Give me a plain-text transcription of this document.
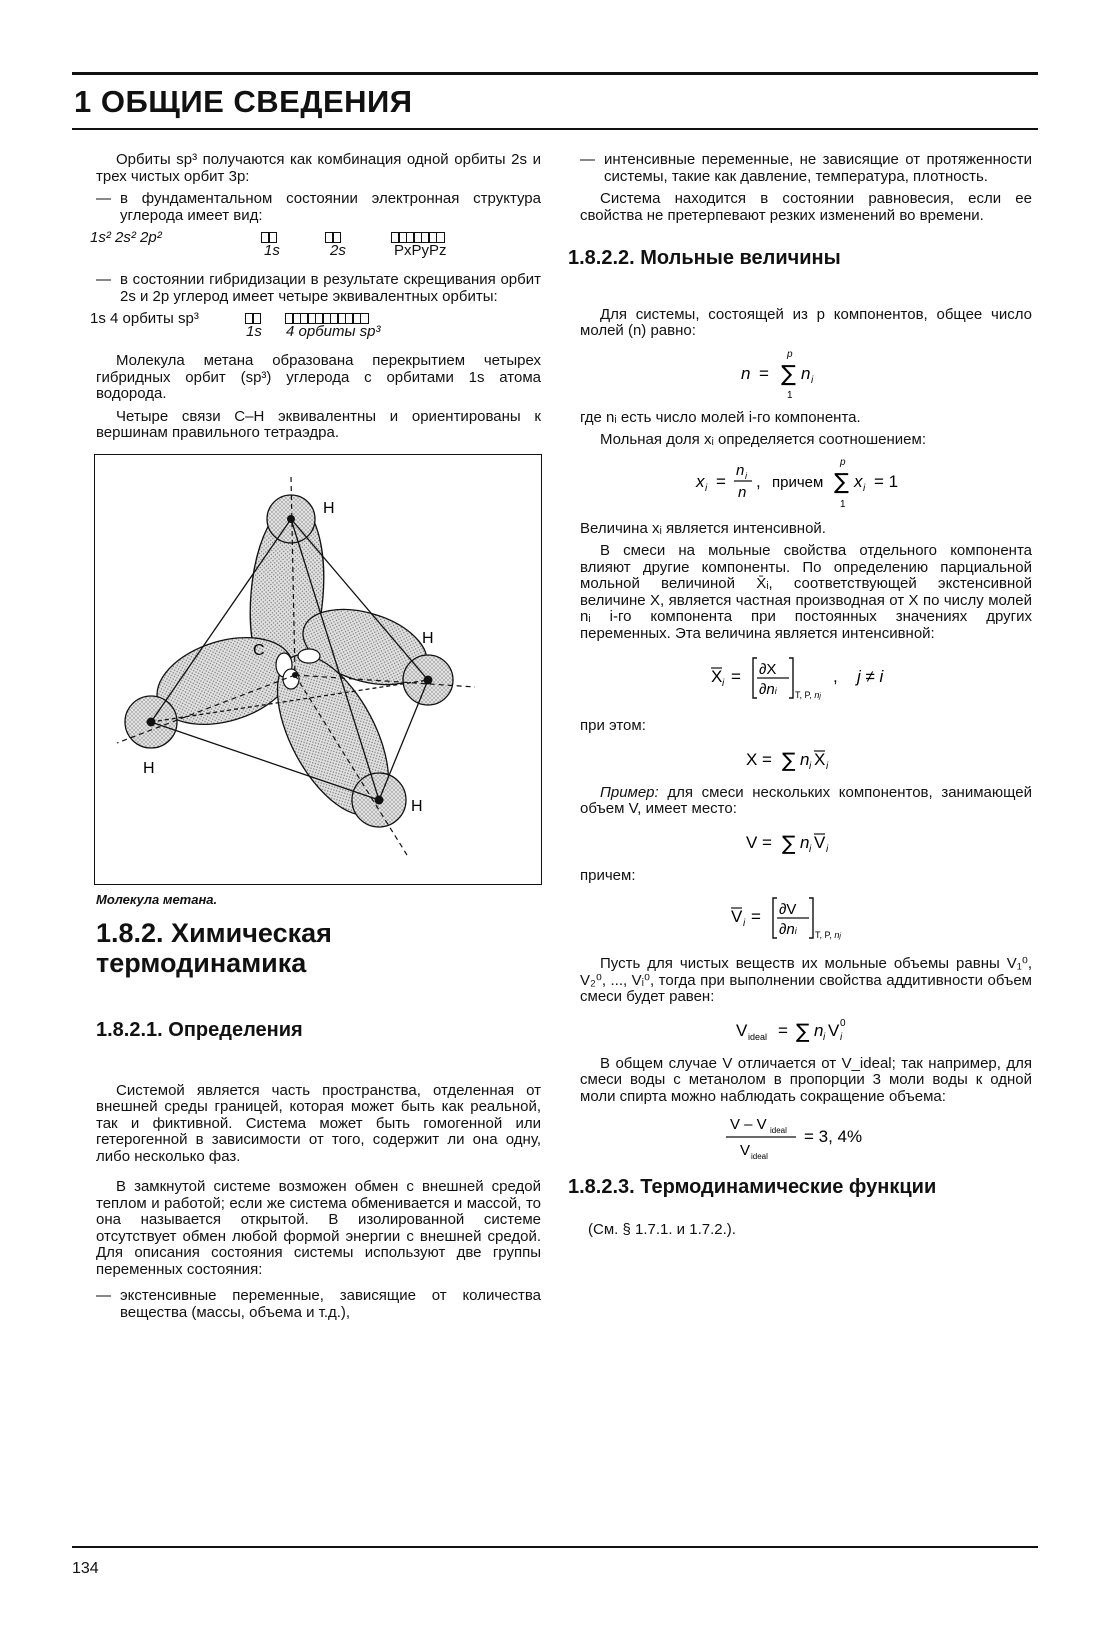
1 ОБЩИЕ СВЕДЕНИЯ

Орбиты sp³ получаются как комбинация одной орбиты 2s и трех чистых орбит 3p:

— в фундаментальном состоянии электронная структура углерода имеет вид:
1s² 2s² 2p²
1s	2s	PxPyPz
— в состоянии гибридизации в результате скрещивания орбит 2s и 2p углерод имеет четыре эквивалентных орбиты:
1s 4 орбиты sp³
1s 4 орбиты sp³

Молекула метана образована перекрытием четырех гибридных орбит (sp³) углерода с орбитами 1s атома водорода.

Четыре связи C–H эквивалентны и ориентированы к вершинам правильного тетраэдра.

H
H
H
H
C
Молекула метана.
1.8.2. Химическая термодинамика
1.8.2.1. Определения

Системой является часть пространства, отделенная от внешней среды границей, которая может быть как реальной, так и фиктивной. Система может быть гомогенной или гетерогенной в зависимости от того, содержит ли она одну, либо несколько фаз.

В замкнутой системе возможен обмен с внешней средой теплом и работой; если же система обменивается и массой, то она называется открытой. В изолированной системе отсутствует обмен любой формой энергии с внешней средой. Для описания состояния системы используют две группы переменных состояния:

— экстенсивные переменные, зависящие от количества вещества (массы, объема и т.д.),
— интенсивные переменные, не зависящие от протяженности системы, такие как давление, температура, плотность.

Система находится в состоянии равновесия, если ее свойства не претерпевают резких изменений во времени.

1.8.2.2. Мольные величины

Для системы, состоящей из p компонентов, общее число молей (n) равно:

n = ∑
p
1
n i

где nᵢ есть число молей i-го компонента.

Мольная доля xᵢ определяется соотношением:

x i =
n i
n
, причем ∑
p
1
x i = 1

Величина xᵢ является интенсивной.

В смеси на мольные свойства отдельного компонента влияют другие компоненты. По определению парциальной мольной величиной X̄ᵢ, соответствующей экстенсивной величине X, является частная производная от X по числу молей nᵢ i-го компонента при постоянных значениях других переменных. Эта величина является интенсивной:

X i = ∂X
∂ni T, P, nj
, j ≠ i

при этом:

X = ∑ n i X i

Пример: для смеси нескольких компонентов, занимающей объем V, имеет место:

V = ∑ n i V i

причем:

V i = ∂V
∂ni T, P, nj

Пусть для чистых веществ их мольные объемы равны V₁⁰, V₂⁰, ..., Vᵢ⁰, тогда при выполнении свойства аддитивности объем смеси будет равен:

V ideal = ∑ n i V 0
i

В общем случае V отличается от V_ideal; так например, для смеси воды с метанолом в пропорции 3 моли воды к одной моли спирта можно наблюдать сокращение объема:

V – V ideal
V ideal
= 3, 4%
1.8.2.3. Термодинамические функции

(См. § 1.7.1. и 1.7.2.).

134
